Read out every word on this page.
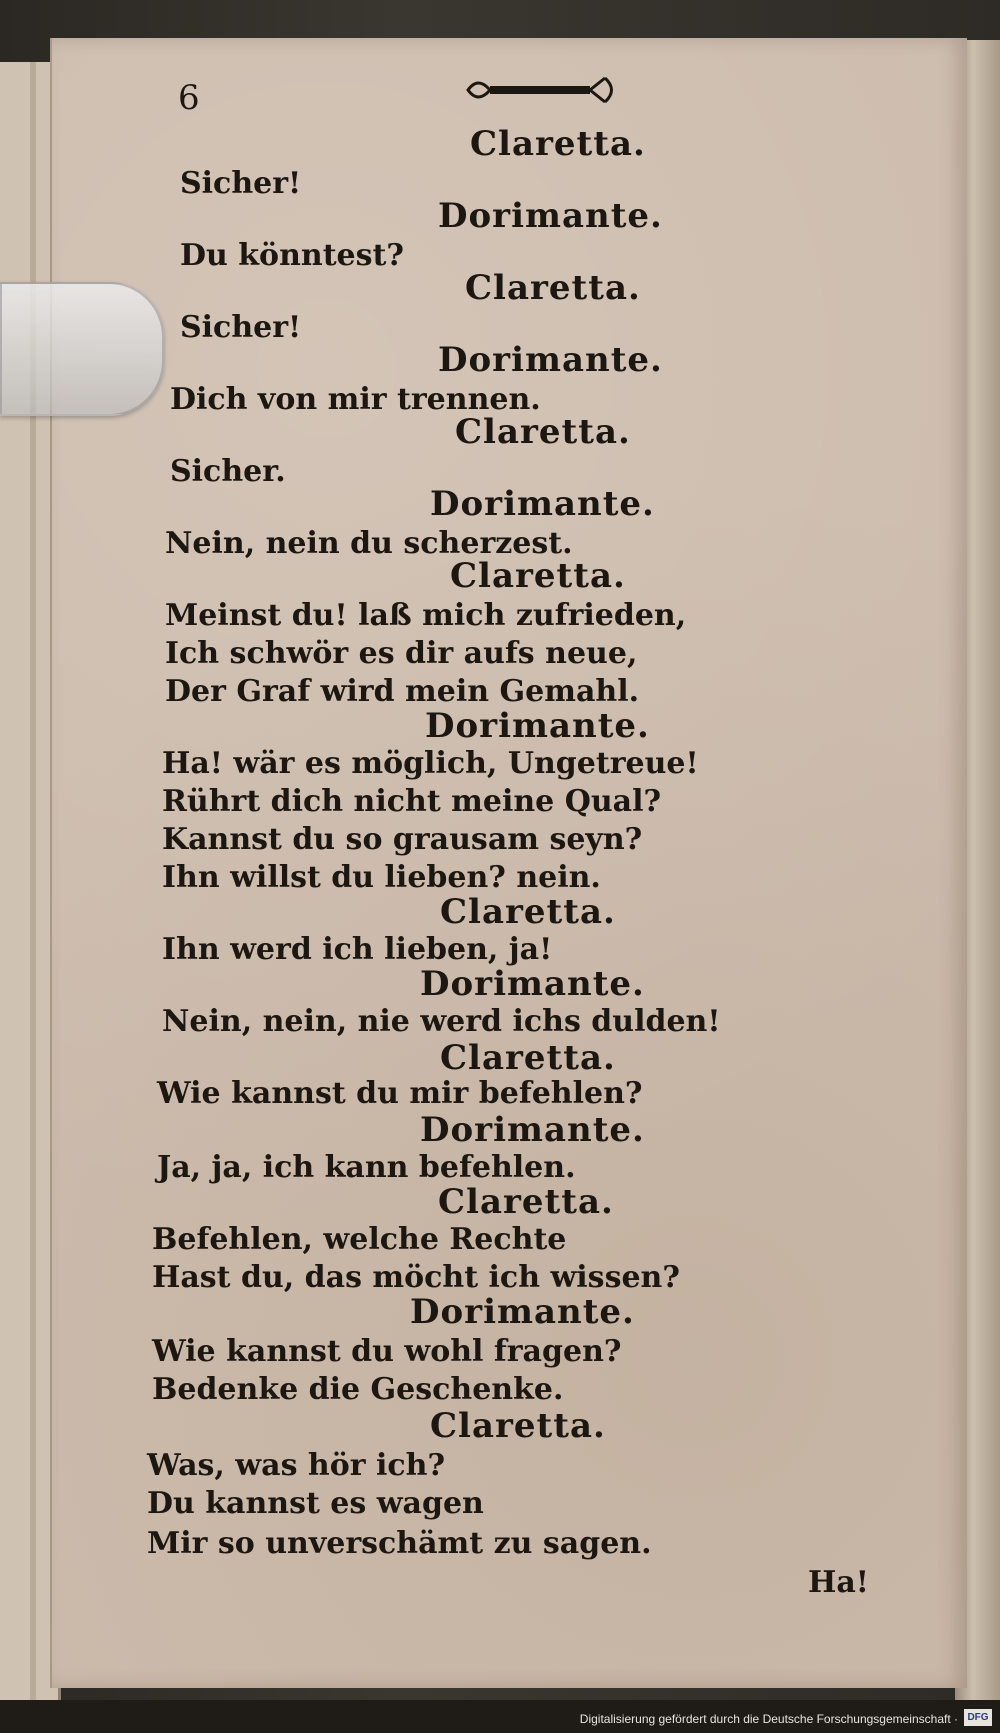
6
Claretta.
Sicher!
Dorimante.
Du könntest?
Claretta.
Sicher!
Dorimante.
Dich von mir trennen.
Claretta.
Sicher.
Dorimante.
Nein, nein du scherzest.
Claretta.
Meinst du! laß mich zufrieden,
Ich schwör es dir aufs neue,
Der Graf wird mein Gemahl.
Dorimante.
Ha! wär es möglich, Ungetreue!
Rührt dich nicht meine Qual?
Kannst du so grausam seyn?
Ihn willst du lieben? nein.
Claretta.
Ihn werd ich lieben, ja!
Dorimante.
Nein, nein, nie werd ichs dulden!
Claretta.
Wie kannst du mir befehlen?
Dorimante.
Ja, ja, ich kann befehlen.
Claretta.
Befehlen, welche Rechte
Hast du, das möcht ich wissen?
Dorimante.
Wie kannst du wohl fragen?
Bedenke die Geschenke.
Claretta.
Was, was hör ich?
Du kannst es wagen
Mir so unverschämt zu sagen.
Ha!
Digitalisierung gefördert durch die Deutsche Forschungsgemeinschaft · DFG
